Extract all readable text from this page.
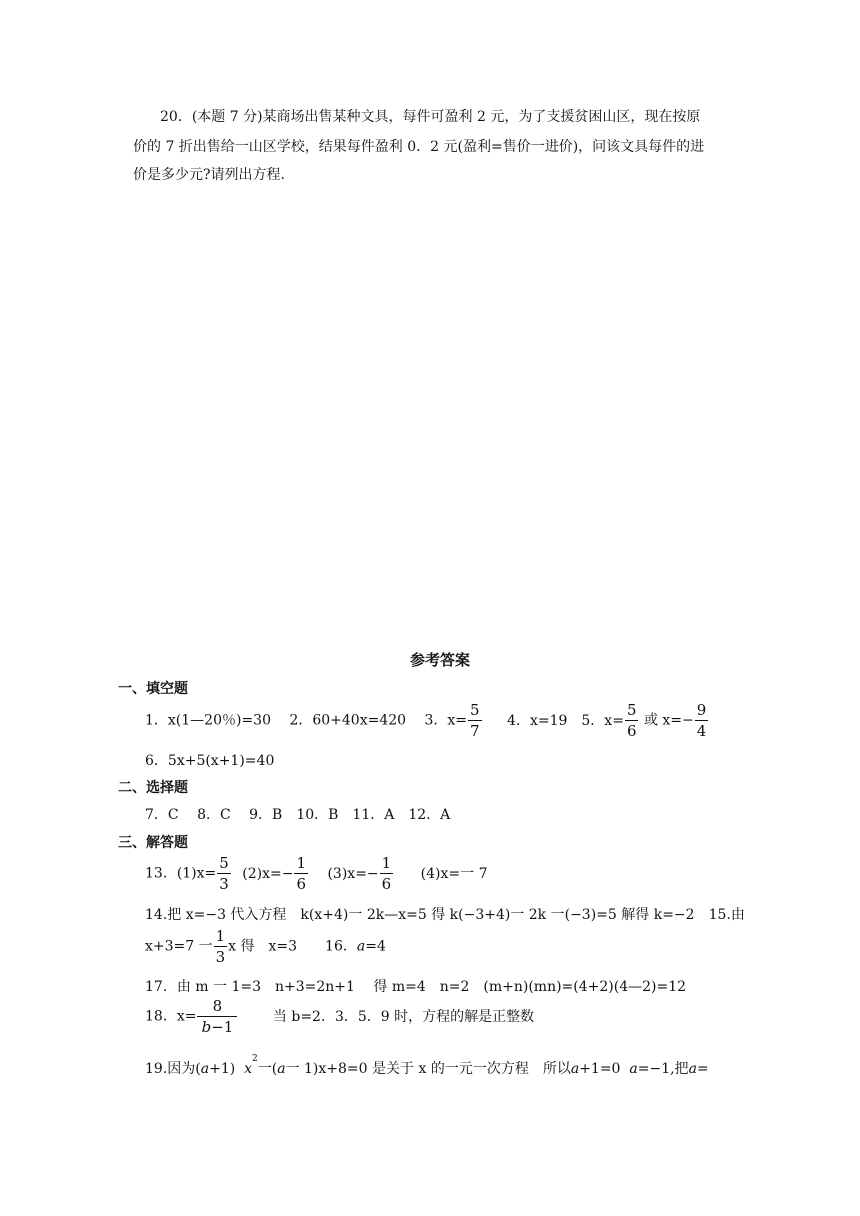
20．(本题 7 分)某商场出售某种文具，每件可盈利 2 元，为了支援贫困山区，现在按原
价的 7 折出售给一山区学校，结果每件盈利 0．2 元(盈利=售价一进价)，问该文具每件的进
价是多少元?请列出方程.
参考答案
一、填空题
1．x(1—20％)=30　 2．60+40x=420　 3．$x= \frac{5}{7} 4$．x=19　5．$x= \frac{5}{6}$ 或 $x=- \frac{9}{4}$
6．5x+5(x+1)=40
二、选择题
7．C　 8．C　 9．B　10．B　11．A　12．A
三、解答题
13．$(1)x= \frac{5}{3} (2)x=- \frac{1}{6} (3)x=- \frac{1}{6} (4)x=$一 7
14.把 x=−3 代入方程　k(x+4)一 2k—x=5 得 k(−3+4)一 2k 一(−3)=5 解得 k=−2　15.由
x+3=7 一 $\frac{1}{3}$ x 得　x=3　　16．a=4
17．由 m 一 1=3　n+3=2n+1　 得 m=4　n=2　(m+n)(mn)=(4+2)(4—2)=12
18．$x= \frac{8}{b-1}$	当 b=2．3．5．9 时，方程的解是正整数
19.因为(a+1) $x^2$一(a一 1)x+8=0 是关于 x 的一元一次方程　所以a+1=0 a=−1,把a=
